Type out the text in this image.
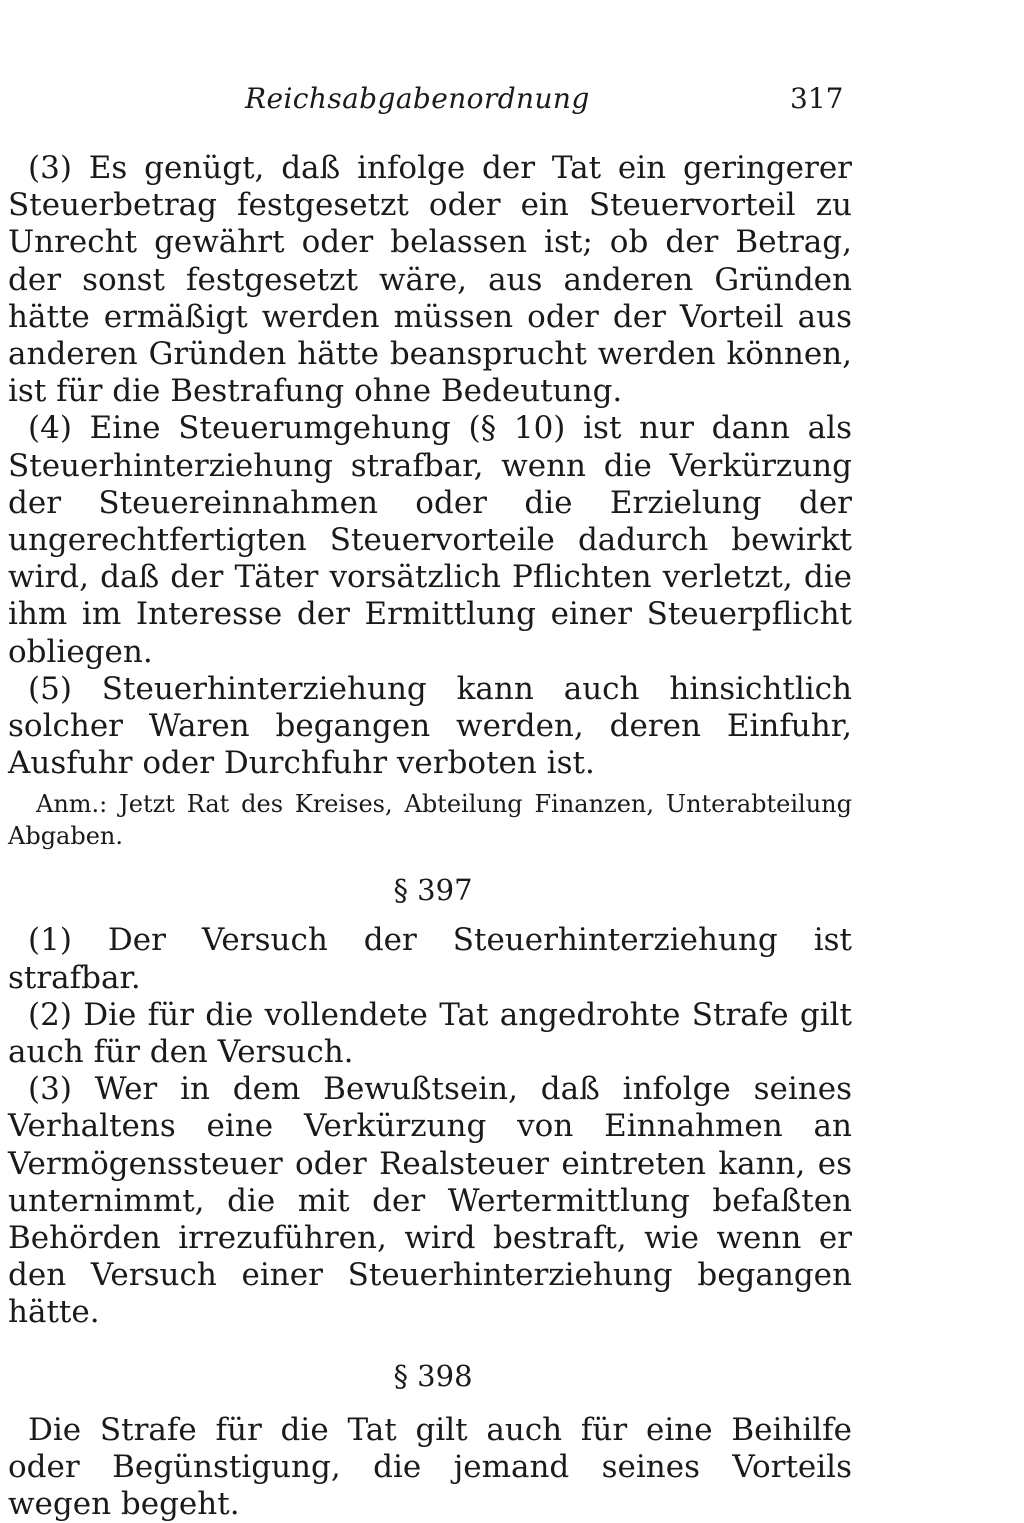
Reichsabgabenordnung	317

(3) Es genügt, daß infolge der Tat ein geringerer Steuerbetrag festgesetzt oder ein Steuervorteil zu Unrecht gewährt oder belassen ist; ob der Betrag, der sonst festgesetzt wäre, aus anderen Gründen hätte ermäßigt werden müssen oder der Vorteil aus anderen Gründen hätte beansprucht werden können, ist für die Bestrafung ohne Bedeutung.

(4) Eine Steuerumgehung (§ 10) ist nur dann als Steuerhinterziehung strafbar, wenn die Verkürzung der Steuereinnahmen oder die Erzielung der ungerechtfertigten Steuervorteile dadurch bewirkt wird, daß der Täter vorsätzlich Pflichten verletzt, die ihm im Interesse der Ermittlung einer Steuerpflicht obliegen.

(5) Steuerhinterziehung kann auch hinsichtlich solcher Waren begangen werden, deren Einfuhr, Ausfuhr oder Durchfuhr verboten ist.

Anm.: Jetzt Rat des Kreises, Abteilung Finanzen, Unterabteilung Abgaben.

§ 397

(1) Der Versuch der Steuerhinterziehung ist strafbar.

(2) Die für die vollendete Tat angedrohte Strafe gilt auch für den Versuch.

(3) Wer in dem Bewußtsein, daß infolge seines Verhaltens eine Verkürzung von Einnahmen an Vermögenssteuer oder Realsteuer eintreten kann, es unternimmt, die mit der Wertermittlung befaßten Behörden irrezuführen, wird bestraft, wie wenn er den Versuch einer Steuerhinterziehung begangen hätte.

§ 398

Die Strafe für die Tat gilt auch für eine Beihilfe oder Begünstigung, die jemand seines Vorteils wegen begeht.
